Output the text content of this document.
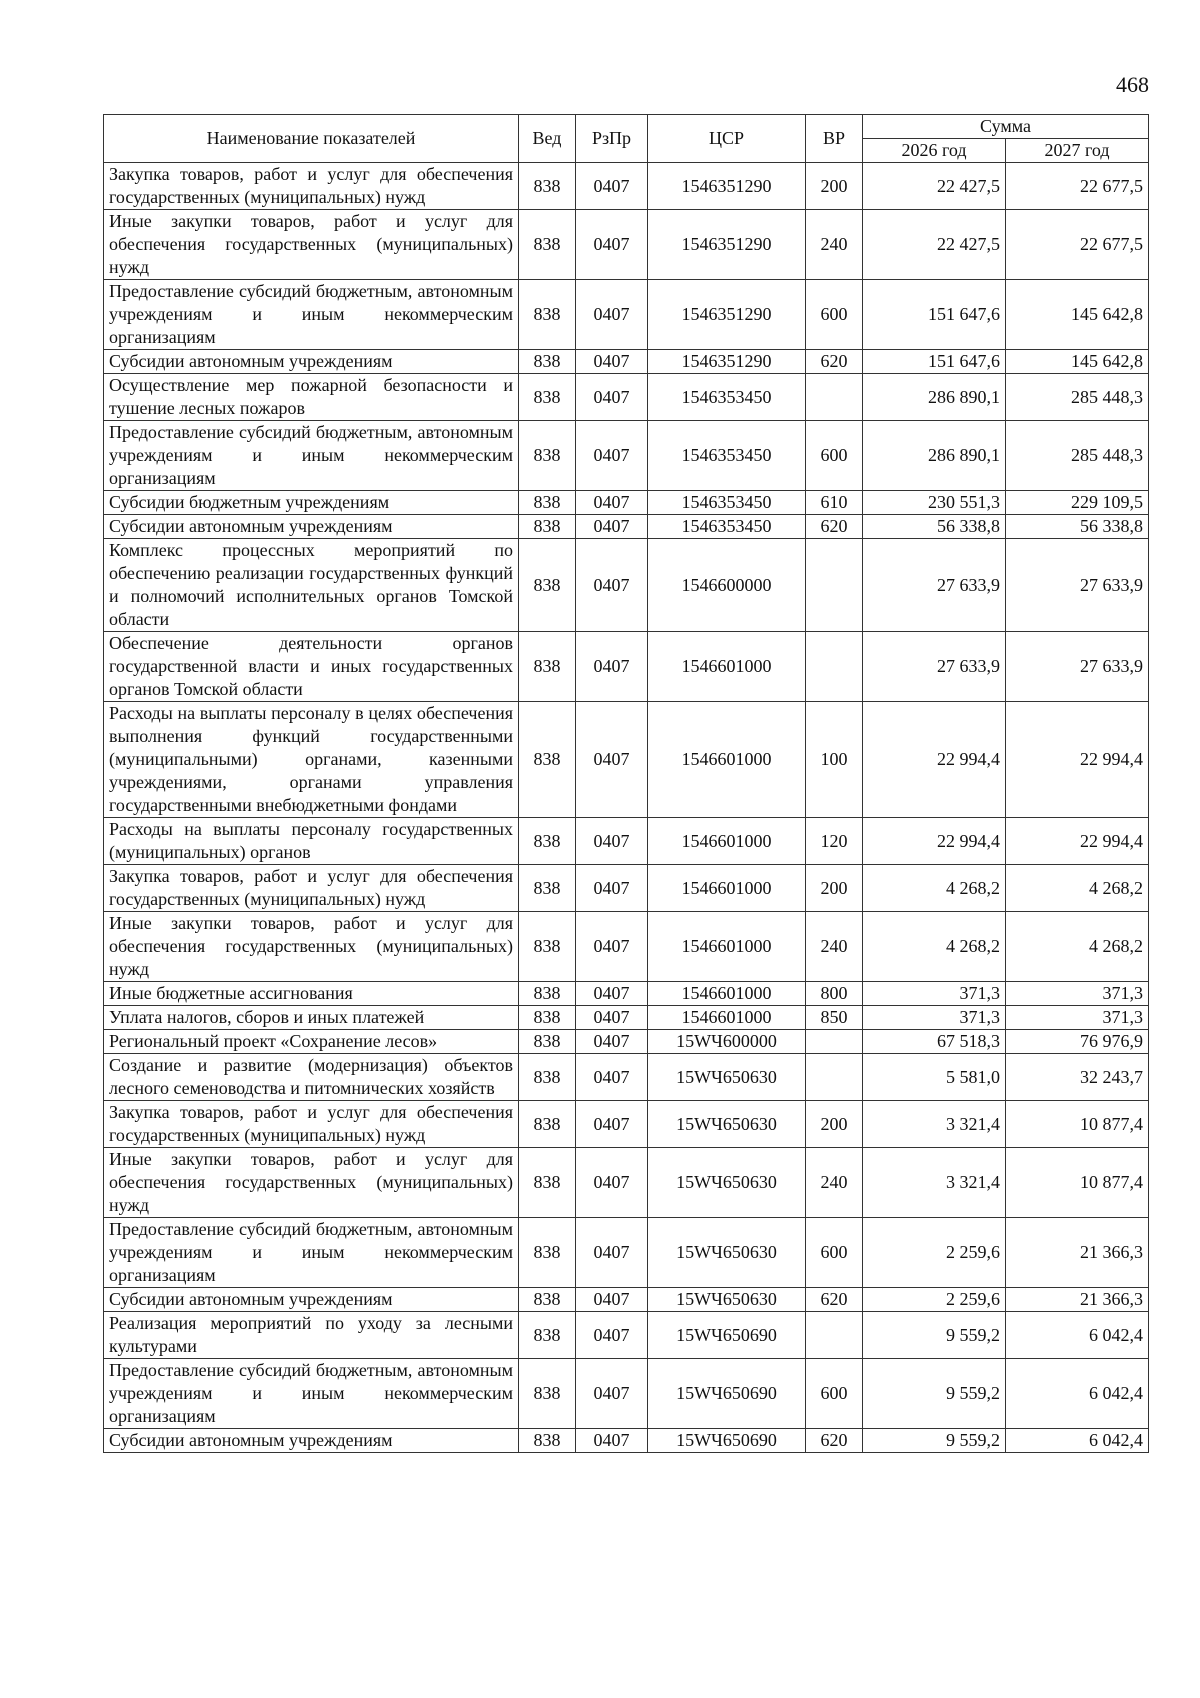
468
Наименование показателей	Вед	РзПр	ЦСР	ВР	Сумма	
					2026 год	2027 год
Закупка товаров, работ и услуг для обеспечения государственных (муниципальных) нужд	838	0407	1546351290	200	22 427,5	22 677,5
Иные закупки товаров, работ и услуг для обеспечения государственных (муниципальных) нужд	838	0407	1546351290	240	22 427,5	22 677,5
Предоставление субсидий бюджетным, автономным учреждениям и иным некоммерческим организациям	838	0407	1546351290	600	151 647,6	145 642,8
Субсидии автономным учреждениям	838	0407	1546351290	620	151 647,6	145 642,8
Осуществление мер пожарной безопасности и тушение лесных пожаров	838	0407	1546353450		286 890,1	285 448,3
Предоставление субсидий бюджетным, автономным учреждениям и иным некоммерческим организациям	838	0407	1546353450	600	286 890,1	285 448,3
Субсидии бюджетным учреждениям	838	0407	1546353450	610	230 551,3	229 109,5
Субсидии автономным учреждениям	838	0407	1546353450	620	56 338,8	56 338,8
Комплекс процессных мероприятий по обеспечению реализации государственных функций и полномочий исполнительных органов Томской области	838	0407	1546600000		27 633,9	27 633,9
Обеспечение деятельности органов государственной власти и иных государственных органов Томской области	838	0407	1546601000		27 633,9	27 633,9
Расходы на выплаты персоналу в целях обеспечения выполнения функций государственными (муниципальными) органами, казенными учреждениями, органами управления государственными внебюджетными фондами	838	0407	1546601000	100	22 994,4	22 994,4
Расходы на выплаты персоналу государственных (муниципальных) органов	838	0407	1546601000	120	22 994,4	22 994,4
Закупка товаров, работ и услуг для обеспечения государственных (муниципальных) нужд	838	0407	1546601000	200	4 268,2	4 268,2
Иные закупки товаров, работ и услуг для обеспечения государственных (муниципальных) нужд	838	0407	1546601000	240	4 268,2	4 268,2
Иные бюджетные ассигнования	838	0407	1546601000	800	371,3	371,3
Уплата налогов, сборов и иных платежей	838	0407	1546601000	850	371,3	371,3
Региональный проект «Сохранение лесов»	838	0407	15WЧ600000		67 518,3	76 976,9
Создание и развитие (модернизация) объектов лесного семеноводства и питомнических хозяйств	838	0407	15WЧ650630		5 581,0	32 243,7
Закупка товаров, работ и услуг для обеспечения государственных (муниципальных) нужд	838	0407	15WЧ650630	200	3 321,4	10 877,4
Иные закупки товаров, работ и услуг для обеспечения государственных (муниципальных) нужд	838	0407	15WЧ650630	240	3 321,4	10 877,4
Предоставление субсидий бюджетным, автономным учреждениям и иным некоммерческим организациям	838	0407	15WЧ650630	600	2 259,6	21 366,3
Субсидии автономным учреждениям	838	0407	15WЧ650630	620	2 259,6	21 366,3
Реализация мероприятий по уходу за лесными культурами	838	0407	15WЧ650690		9 559,2	6 042,4
Предоставление субсидий бюджетным, автономным учреждениям и иным некоммерческим организациям	838	0407	15WЧ650690	600	9 559,2	6 042,4
Субсидии автономным учреждениям	838	0407	15WЧ650690	620	9 559,2	6 042,4
